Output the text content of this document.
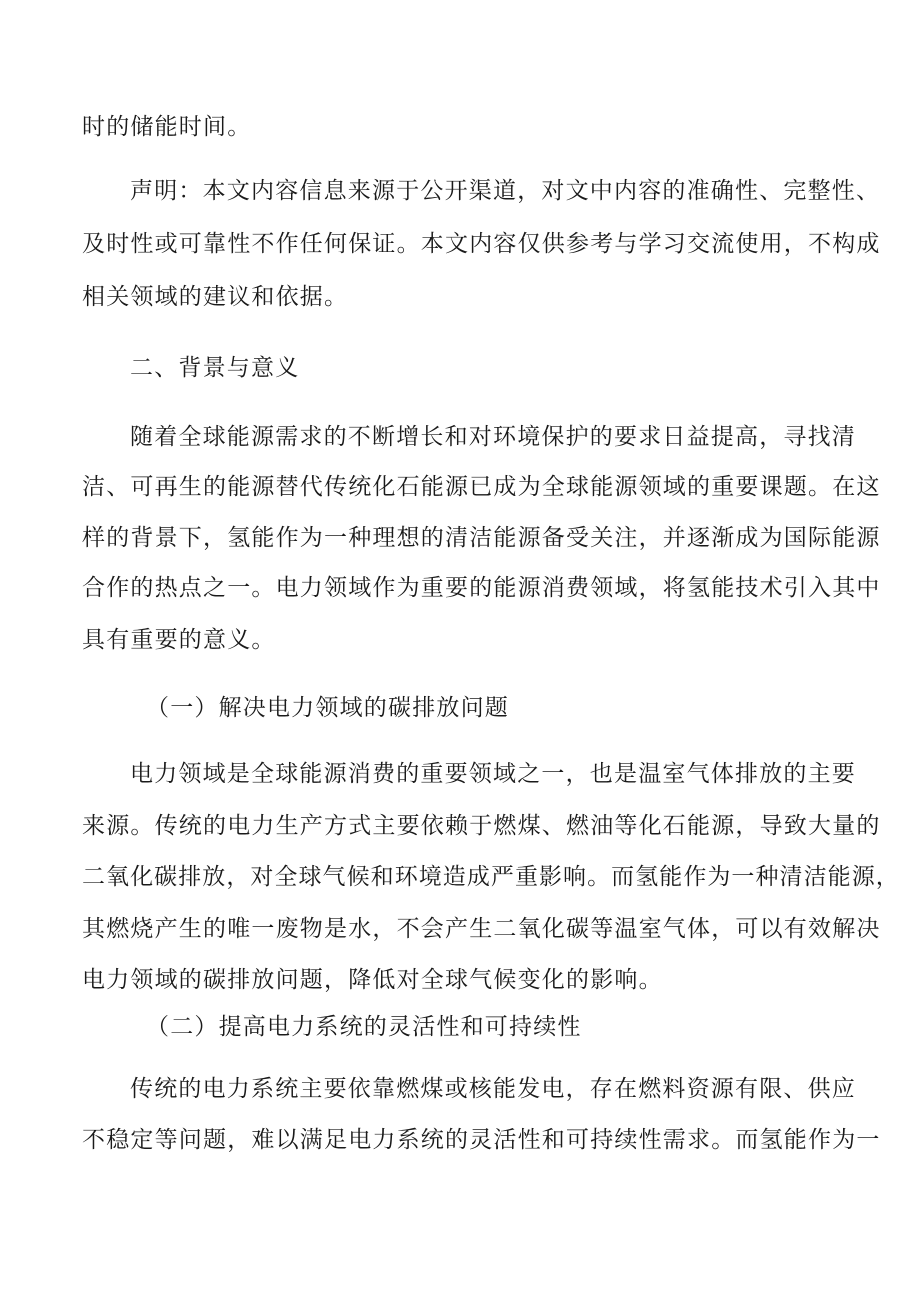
时的储能时间。
声明：本文内容信息来源于公开渠道，对文中内容的准确性、完整性、
及时性或可靠性不作任何保证。本文内容仅供参考与学习交流使用，不构成
相关领域的建议和依据。
二、背景与意义
随着全球能源需求的不断增长和对环境保护的要求日益提高，寻找清
洁、可再生的能源替代传统化石能源已成为全球能源领域的重要课题。在这
样的背景下，氢能作为一种理想的清洁能源备受关注，并逐渐成为国际能源
合作的热点之一。电力领域作为重要的能源消费领域，将氢能技术引入其中
具有重要的意义。
（一）解决电力领域的碳排放问题
电力领域是全球能源消费的重要领域之一，也是温室气体排放的主要
来源。传统的电力生产方式主要依赖于燃煤、燃油等化石能源，导致大量的
二氧化碳排放，对全球气候和环境造成严重影响。而氢能作为一种清洁能源，
其燃烧产生的唯一废物是水，不会产生二氧化碳等温室气体，可以有效解决
电力领域的碳排放问题，降低对全球气候变化的影响。
（二）提高电力系统的灵活性和可持续性
传统的电力系统主要依靠燃煤或核能发电，存在燃料资源有限、供应
不稳定等问题，难以满足电力系统的灵活性和可持续性需求。而氢能作为一
